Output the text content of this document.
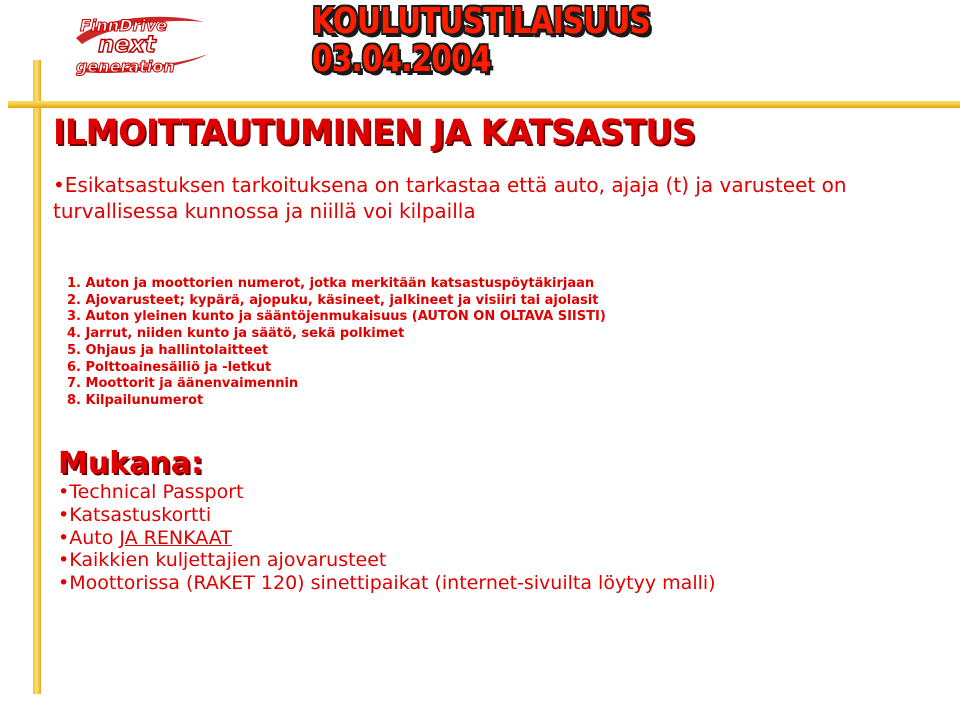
FinnDrive
next
generation
KOULUTUSTILAISUUS
03.04.2004
ILMOITTAUTUMINEN JA KATSASTUS
•Esikatsastuksen tarkoituksena on tarkastaa että auto, ajaja (t) ja varusteet on turvallisessa kunnossa ja niillä voi kilpailla
1. Auton ja moottorien numerot, jotka merkitään katsastuspöytäkirjaan
2. Ajovarusteet; kypärä, ajopuku, käsineet, jalkineet ja visiiri tai ajolasit
3. Auton yleinen kunto ja sääntöjenmukaisuus (AUTON ON OLTAVA SIISTI)
4. Jarrut, niiden kunto ja säätö, sekä polkimet
5. Ohjaus ja hallintolaitteet
6. Polttoainesäiliö ja -letkut
7. Moottorit ja äänenvaimennin
8. Kilpailunumerot
Mukana:
•Technical Passport
•Katsastuskortti
•Auto JA RENKAAT
•Kaikkien kuljettajien ajovarusteet
•Moottorissa (RAKET 120) sinettipaikat (internet-sivuilta löytyy malli)
